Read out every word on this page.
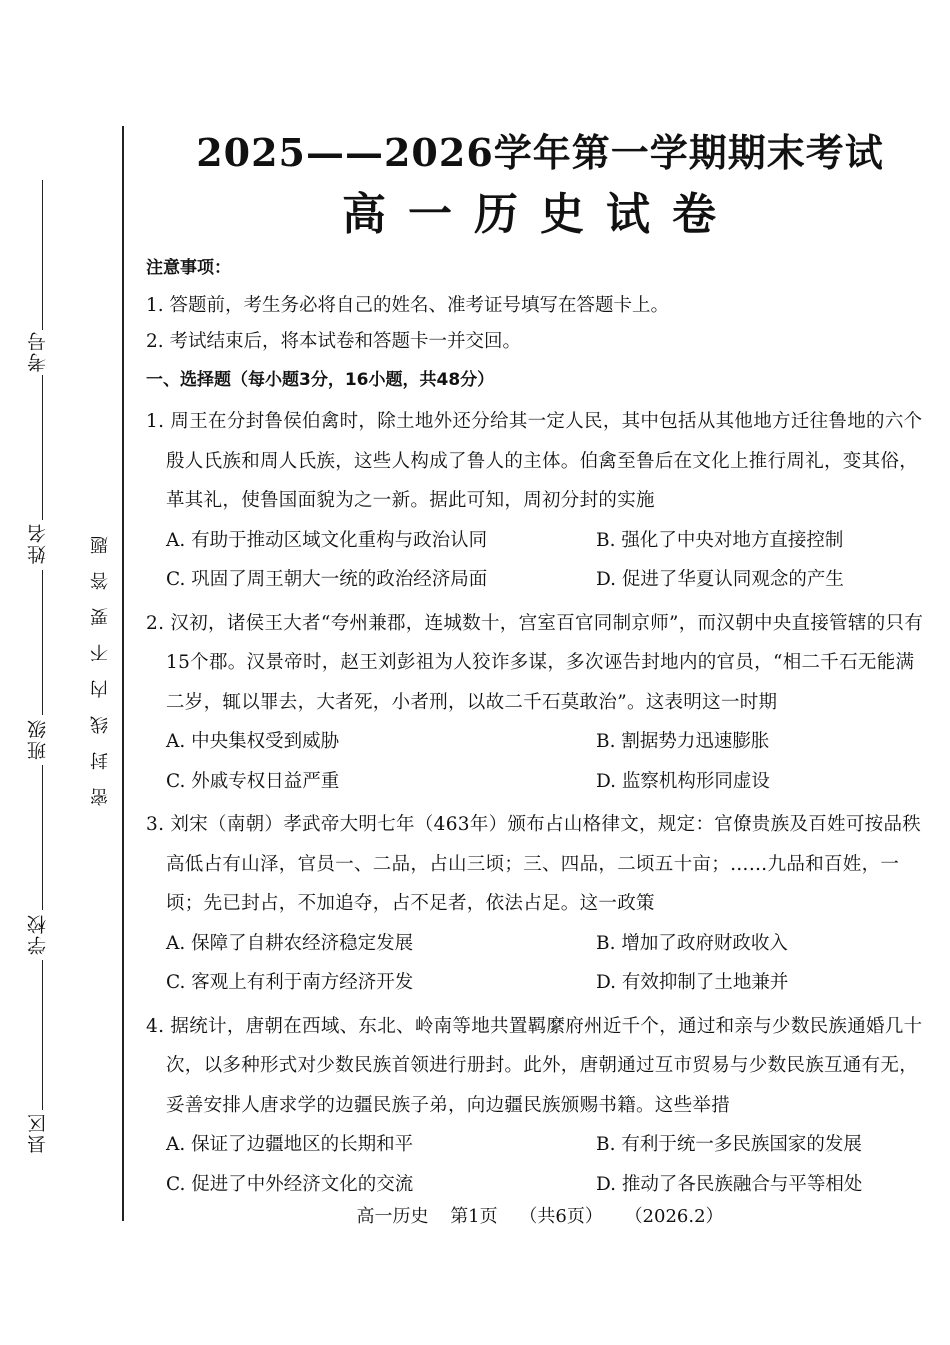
考号
姓名
班级
学校
县区
密封线内不要答题
2025——2026学年第一学期期末考试
高一历史试卷
注意事项：
1. 答题前，考生务必将自己的姓名、准考证号填写在答题卡上。
2. 考试结束后，将本试卷和答题卡一并交回。
一、选择题（每小题3分，16小题，共48分）
1. 周王在分封鲁侯伯禽时，除土地外还分给其一定人民，其中包括从其他地方迁往鲁地的六个殷人氏族和周人氏族，这些人构成了鲁人的主体。伯禽至鲁后在文化上推行周礼，变其俗，革其礼，使鲁国面貌为之一新。据此可知，周初分封的实施
A. 有助于推动区域文化重构与政治认同	B. 强化了中央对地方直接控制
C. 巩固了周王朝大一统的政治经济局面	D. 促进了华夏认同观念的产生
2. 汉初，诸侯王大者“夸州兼郡，连城数十，宫室百官同制京师”，而汉朝中央直接管辖的只有15个郡。汉景帝时，赵王刘彭祖为人狡诈多谋，多次诬告封地内的官员，“相二千石无能满二岁，辄以罪去，大者死，小者刑，以故二千石莫敢治”。这表明这一时期
A. 中央集权受到威胁	B. 割据势力迅速膨胀
C. 外戚专权日益严重	D. 监察机构形同虚设
3. 刘宋（南朝）孝武帝大明七年（463年）颁布占山格律文，规定：官僚贵族及百姓可按品秩高低占有山泽，官员一、二品，占山三顷；三、四品，二顷五十亩；……九品和百姓，一顷；先已封占，不加追夺，占不足者，依法占足。这一政策
A. 保障了自耕农经济稳定发展	B. 增加了政府财政收入
C. 客观上有利于南方经济开发	D. 有效抑制了土地兼并
4. 据统计，唐朝在西域、东北、岭南等地共置羁縻府州近千个，通过和亲与少数民族通婚几十次，以多种形式对少数民族首领进行册封。此外，唐朝通过互市贸易与少数民族互通有无，妥善安排人唐求学的边疆民族子弟，向边疆民族颁赐书籍。这些举措
A. 保证了边疆地区的长期和平	B. 有利于统一多民族国家的发展
C. 促进了中外经济文化的交流	D. 推动了各民族融合与平等相处
高一历史 第1页 （共6页） （2026.2）
